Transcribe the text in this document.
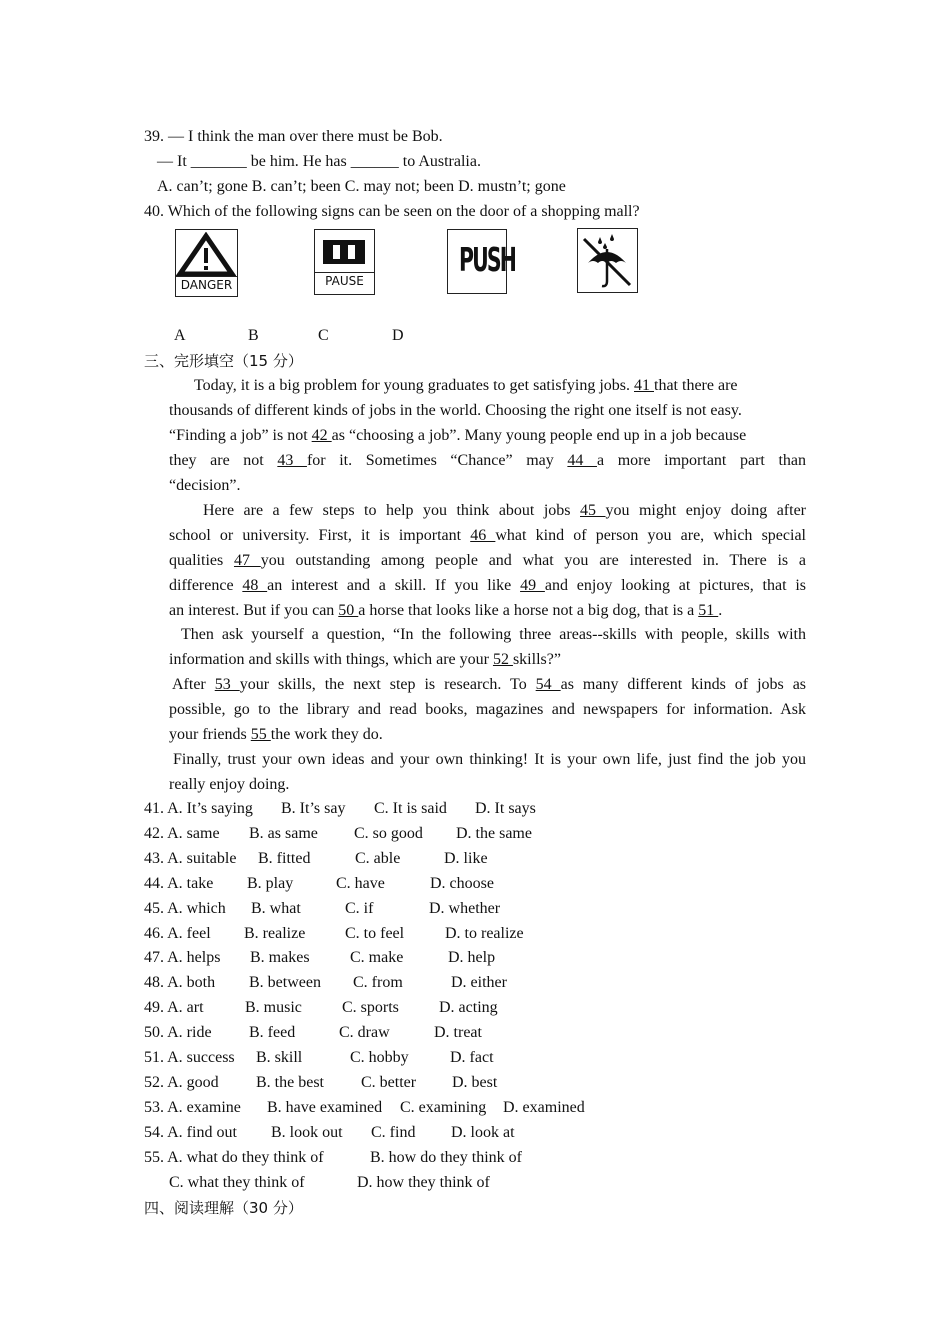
39. — I think the man over there must be Bob.
— It _______ be him. He has ______ to Australia.
A. can’t; gone B. can’t; been C. may not; been D. mustn’t; gone
40. Which of the following signs can be seen on the door of a shopping mall?
DANGER	PAUSE
PUSH
A	B	C	D
三、完形填空（15 分）
Today, it is a big problem for young graduates to get satisfying jobs. 41 that there are
thousands of different kinds of jobs in the world. Choosing the right one itself is not easy.
“Finding a job” is not 42 as “choosing a job”. Many young people end up in a job because
they are not 43 for it. Sometimes “Chance” may 44 a more important part than
“decision”.
Here are a few steps to help you think about jobs 45 you might enjoy doing after
school or university. First, it is important 46 what kind of person you are, which special
qualities 47 you outstanding among people and what you are interested in. There is a
difference 48 an interest and a skill. If you like 49 and enjoy looking at pictures, that is
an interest. But if you can 50 a horse that looks like a horse not a big dog, that is a 51 .
Then ask yourself a question, “In the following three areas--skills with people, skills with
information and skills with things, which are your 52 skills?”
After 53 your skills, the next step is research. To 54 as many different kinds of jobs as
possible, go to the library and read books, magazines and newspapers for information. Ask
your friends 55 the work they do.
Finally, trust your own ideas and your own thinking! It is your own life, just find the job you
really enjoy doing.
41. A. It’s saying B. It’s say C. It is said D. It says
42. A. same B. as same C. so good D. the same
43. A. suitable B. fitted	C. able	D. like
44. A. take B. play	C. have	D. choose
45. A. which B. what	C. if	D. whether
46. A. feel B. realize C. to feel	D. to realize
47. A. helps B. makes	C. make	D. help
48. A. both B. between C. from	D. either
49. A. art	B. music	C. sports	D. acting
50. A. ride B. feed	C. draw	D. treat
51. A. success B. skill	C. hobby	D. fact
52. A. good B. the best C. better D. best
53. A. examine B. have examined C. examining D. examined
54. A. find out B. look out C. find D. look at
55. A. what do they think of	B. how do they think of
C. what they think of	D. how they think of
四、阅读理解（30 分）
